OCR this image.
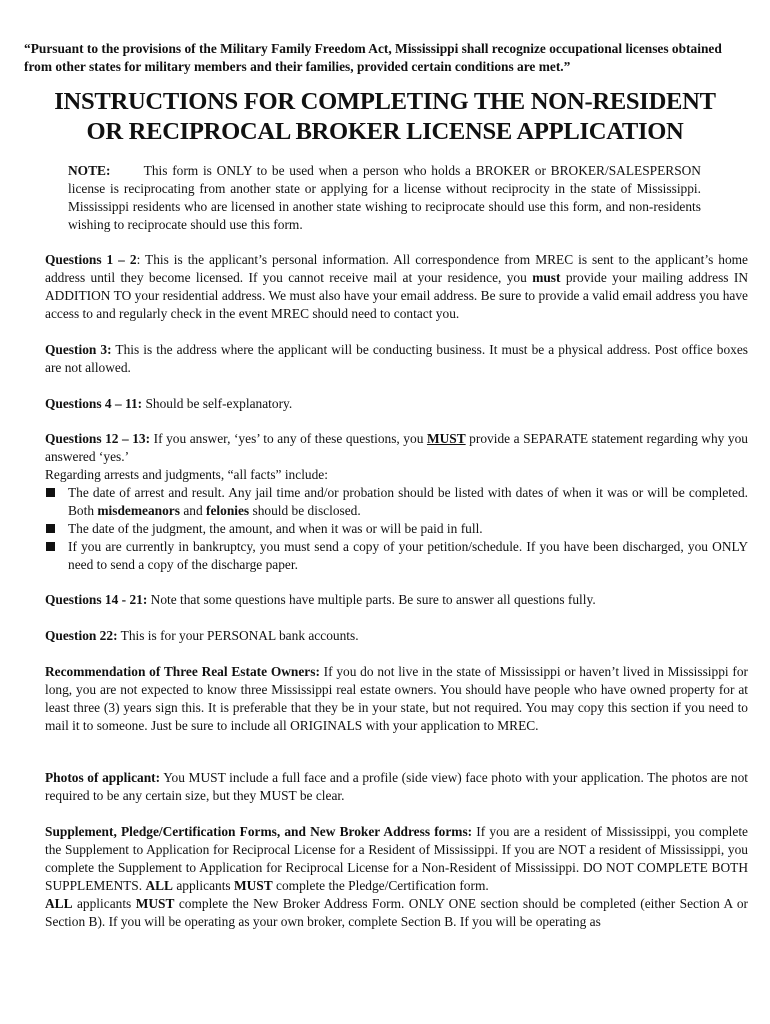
“Pursuant to the provisions of the Military Family Freedom Act, Mississippi shall recognize occupational licenses obtained from other states for military members and their families, provided certain conditions are met.”
INSTRUCTIONS FOR COMPLETING THE NON-RESIDENT
OR RECIPROCAL BROKER LICENSE APPLICATION
NOTE: This form is ONLY to be used when a person who holds a BROKER or BROKER/SALESPERSON license is reciprocating from another state or applying for a license without reciprocity in the state of Mississippi. Mississippi residents who are licensed in another state wishing to reciprocate should use this form, and non-residents wishing to reciprocate should use this form.
Questions 1 – 2: This is the applicant’s personal information. All correspondence from MREC is sent to the applicant’s home address until they become licensed. If you cannot receive mail at your residence, you must provide your mailing address IN ADDITION TO your residential address. We must also have your email address. Be sure to provide a valid email address you have access to and regularly check in the event MREC should need to contact you.
Question 3: This is the address where the applicant will be conducting business. It must be a physical address. Post office boxes are not allowed.
Questions 4 – 11: Should be self-explanatory.
Questions 12 – 13: If you answer, ‘yes’ to any of these questions, you MUST provide a SEPARATE statement regarding why you answered ‘yes.’
Regarding arrests and judgments, “all facts” include:
The date of arrest and result. Any jail time and/or probation should be listed with dates of when it was or will be completed. Both misdemeanors and felonies should be disclosed.
The date of the judgment, the amount, and when it was or will be paid in full.
If you are currently in bankruptcy, you must send a copy of your petition/schedule. If you have been discharged, you ONLY need to send a copy of the discharge paper.
Questions 14 - 21: Note that some questions have multiple parts. Be sure to answer all questions fully.
Question 22: This is for your PERSONAL bank accounts.
Recommendation of Three Real Estate Owners: If you do not live in the state of Mississippi or haven’t lived in Mississippi for long, you are not expected to know three Mississippi real estate owners. You should have people who have owned property for at least three (3) years sign this. It is preferable that they be in your state, but not required. You may copy this section if you need to mail it to someone. Just be sure to include all ORIGINALS with your application to MREC.
Photos of applicant: You MUST include a full face and a profile (side view) face photo with your application. The photos are not required to be any certain size, but they MUST be clear.
Supplement, Pledge/Certification Forms, and New Broker Address forms: If you are a resident of Mississippi, you complete the Supplement to Application for Reciprocal License for a Resident of Mississippi. If you are NOT a resident of Mississippi, you complete the Supplement to Application for Reciprocal License for a Non-Resident of Mississippi. DO NOT COMPLETE BOTH SUPPLEMENTS. ALL applicants MUST complete the Pledge/Certification form.
ALL applicants MUST complete the New Broker Address Form. ONLY ONE section should be completed (either Section A or Section B). If you will be operating as your own broker, complete Section B. If you will be operating as
